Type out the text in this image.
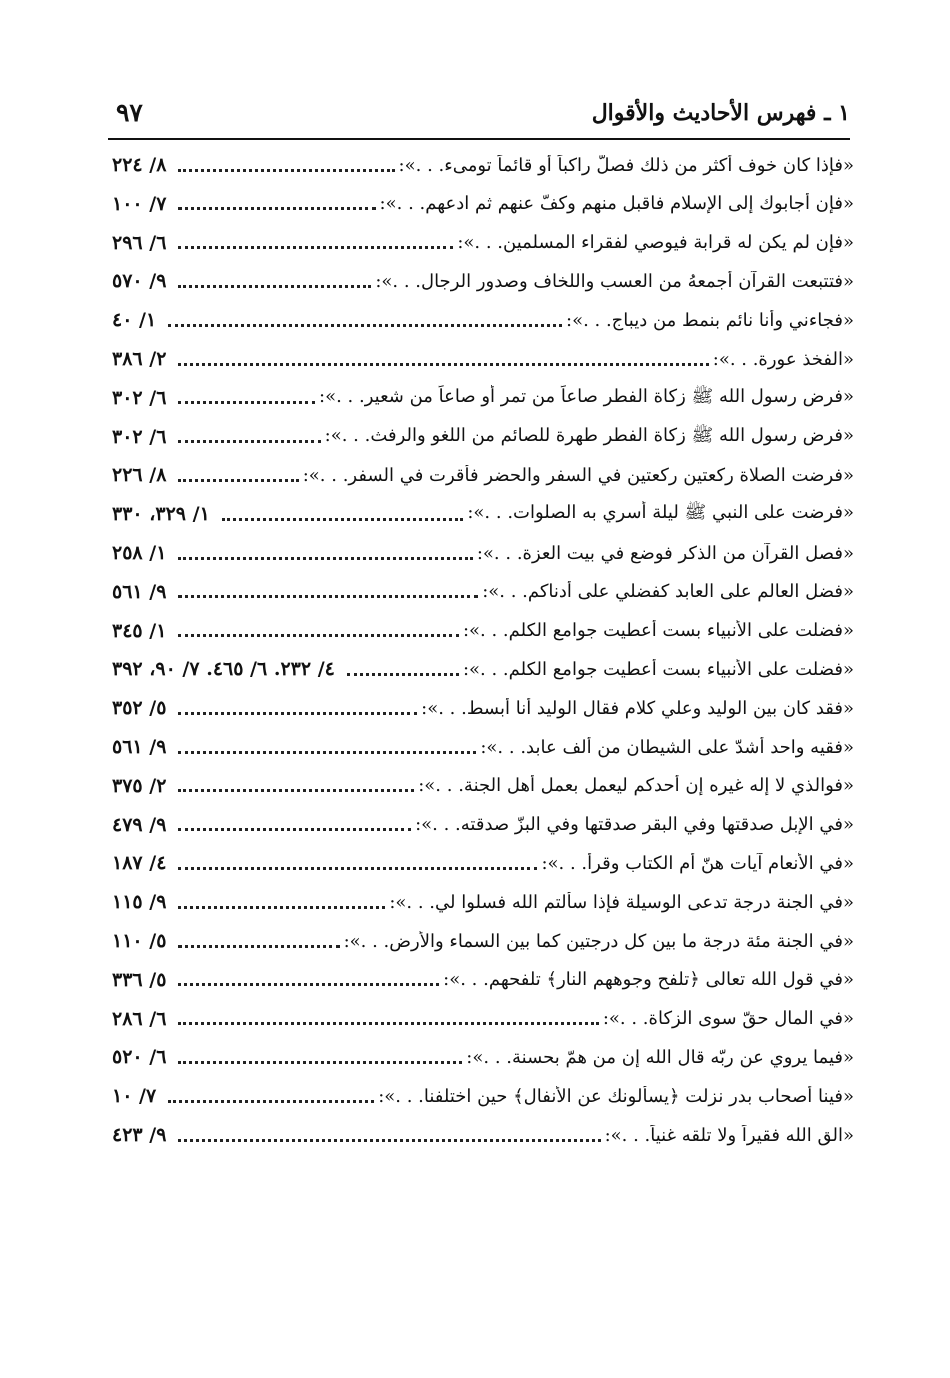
١ ـ فهرس الأحاديث والأقوال
٩٧
٨/ ٢٢٤	«فإذا كان خوف أكثر من ذلك فصلّ راكباً أو قائماً تومىء. . .»:
٧/ ١٠٠	«فإن أجابوك إلى الإسلام فاقبل منهم وكفّ عنهم ثم ادعهم. . .»:
٦/ ٢٩٦	«فإن لم يكن له قرابة فيوصي لفقراء المسلمين. . .»:
٩/ ٥٧٠	«فتتبعت القرآن أجمعهُ من العسب واللخاف وصدور الرجال. . .»:
١/ ٤٠	«فجاءني وأنا نائم بنمط من ديباج. . .»:
٢/ ٣٨٦	«الفخذ عورة. . .»:
٦/ ٣٠٢	«فرض رسول الله ﷺ زكاة الفطر صاعاً من تمر أو صاعاً من شعير. . .»:
٦/ ٣٠٢	«فرض رسول الله ﷺ زكاة الفطر طهرة للصائم من اللغو والرفث. . .»:
٨/ ٢٢٦	«فرضت الصلاة ركعتين ركعتين في السفر والحضر فأقرت في السفر. . .»:
١/ ٣٢٩، ٣٣٠	«فرضت على النبي ﷺ ليلة أسري به الصلوات. . .»:
١/ ٢٥٨	«فصل القرآن من الذكر فوضع في بيت العزة. . .»:
٩/ ٥٦١	«فضل العالم على العابد كفضلي على أدناكم. . .»:
١/ ٣٤٥	«فضلت على الأنبياء بست أعطيت جوامع الكلم. . .»:
٤/ ٢٣٢. ٦/ ٤٦٥. ٧/ ٩٠، ٣٩٢	«فضلت على الأنبياء بست أعطيت جوامع الكلم. . .»:
٥/ ٣٥٢	«فقد كان بين الوليد وعلي كلام فقال الوليد أنا أبسط. . .»:
٩/ ٥٦١	«فقيه واحد أشدّ على الشيطان من ألف عابد. . .»:
٢/ ٣٧٥	«فوالذي لا إله غيره إن أحدكم ليعمل بعمل أهل الجنة. . .»:
٩/ ٤٧٩	«في الإبل صدقتها وفي البقر صدقتها وفي البزّ صدقته. . .»:
٤/ ١٨٧	«في الأنعام آيات هنّ أم الكتاب وقرأ. . .»:
٩/ ١١٥	«في الجنة درجة تدعى الوسيلة فإذا سألتم الله فسلوا لي. . .»:
٥/ ١١٠	«في الجنة مئة درجة ما بين كل درجتين كما بين السماء والأرض. . .»:
٥/ ٣٣٦	«في قول الله تعالى ﴿تلفح وجوههم النار﴾ تلفحهم. . .»:
٦/ ٢٨٦	«في المال حقّ سوى الزكاة. . .»:
٦/ ٥٢٠	«فيما يروي عن ربّه قال الله إن من همّ بحسنة. . .»:
٧/ ١٠	«فينا أصحاب بدر نزلت ﴿يسألونك عن الأنفال﴾ حين اختلفنا. . .»:
٩/ ٤٢٣	«الق الله فقيراً ولا تلقه غنياً. . .»:
